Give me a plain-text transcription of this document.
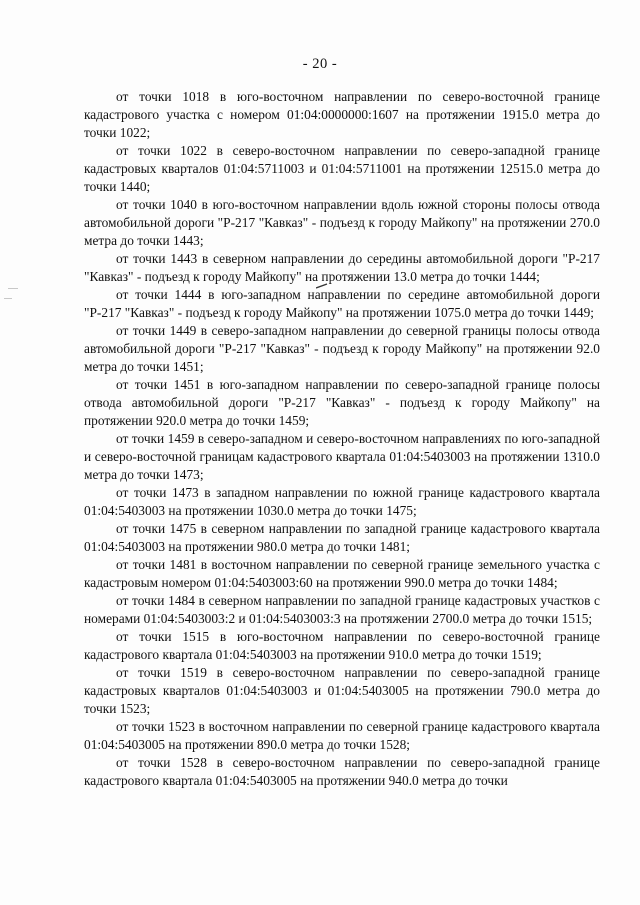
- 20 -

от точки 1018 в юго-восточном направлении по северо-восточной границе кадастрового участка с номером 01:04:0000000:1607 на протяжении 1915.0 метра до точки 1022;

от точки 1022 в северо-восточном направлении по северо-западной границе кадастровых кварталов 01:04:5711003 и 01:04:5711001 на протяжении 12515.0 метра до точки 1440;

от точки 1040 в юго-восточном направлении вдоль южной стороны полосы отвода автомобильной дороги "Р-217 "Кавказ" - подъезд к городу Майкопу" на протяжении 270.0 метра до точки 1443;

от точки 1443 в северном направлении до середины автомобильной дороги "Р-217 "Кавказ" - подъезд к городу Майкопу" на протяжении 13.0 метра до точки 1444;

от точки 1444 в юго-западном направлении по середине автомобильной дороги "Р-217 "Кавказ" - подъезд к городу Майкопу" на протяжении 1075.0 метра до точки 1449;

от точки 1449 в северо-западном направлении до северной границы полосы отвода автомобильной дороги "Р-217 "Кавказ" - подъезд к городу Майкопу" на протяжении 92.0 метра до точки 1451;

от точки 1451 в юго-западном направлении по северо-западной границе полосы отвода автомобильной дороги "Р-217 "Кавказ" - подъезд к городу Майкопу" на протяжении 920.0 метра до точки 1459;

от точки 1459 в северо-западном и северо-восточном направлениях по юго-западной и северо-восточной границам кадастрового квартала 01:04:5403003 на протяжении 1310.0 метра до точки 1473;

от точки 1473 в западном направлении по южной границе кадастрового квартала 01:04:5403003 на протяжении 1030.0 метра до точки 1475;

от точки 1475 в северном направлении по западной границе кадастрового квартала 01:04:5403003 на протяжении 980.0 метра до точки 1481;

от точки 1481 в восточном направлении по северной границе земельного участка с кадастровым номером 01:04:5403003:60 на протяжении 990.0 метра до точки 1484;

от точки 1484 в северном направлении по западной границе кадастровых участков с номерами 01:04:5403003:2 и 01:04:5403003:3 на протяжении 2700.0 метра до точки 1515;

от точки 1515 в юго-восточном направлении по северо-восточной границе кадастрового квартала 01:04:5403003 на протяжении 910.0 метра до точки 1519;

от точки 1519 в северо-восточном направлении по северо-западной границе кадастровых кварталов 01:04:5403003 и 01:04:5403005 на протяжении 790.0 метра до точки 1523;

от точки 1523 в восточном направлении по северной границе кадастрового квартала 01:04:5403005 на протяжении 890.0 метра до точки 1528;

от точки 1528 в северо-восточном направлении по северо-западной границе кадастрового квартала 01:04:5403005 на протяжении 940.0 метра до точки
